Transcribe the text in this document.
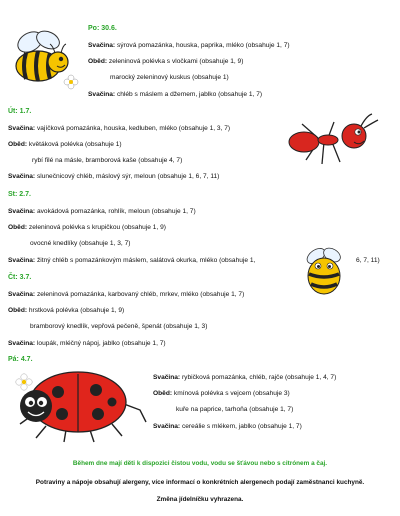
Po: 30.6.
Svačina: sýrová pomazánka, houska, paprika, mléko (obsahuje 1, 7)
Oběd: zeleninová polévka s vločkami (obsahuje 1, 9)
marocký zeleninový kuskus (obsahuje 1)
Svačina: chléb s máslem a džemem, jablko (obsahuje 1, 7)
Út: 1.7.
Svačina: vajíčková pomazánka, houska, kedluben, mléko (obsahuje 1, 3, 7)
Oběd: květáková polévka (obsahuje 1)
rybí filé na másle, bramborová kaše (obsahuje 4, 7)
Svačina: slunečnicový chléb, máslový sýr, meloun (obsahuje 1, 6, 7, 11)
St: 2.7.
Svačina: avokádová pomazánka, rohlík, meloun (obsahuje 1, 7)
Oběd: zeleninová polévka s krupičkou (obsahuje 1, 9)
ovocné knedlíky (obsahuje 1, 3, 7)
Svačina: žitný chléb s pomazánkovým máslem, salátová okurka, mléko (obsahuje 1,	6, 7, 11)
Čt: 3.7.
Svačina: zeleninová pomazánka, karbovaný chléb, mrkev, mléko (obsahuje 1, 7)
Oběd: hrstková polévka (obsahuje 1, 9)
bramborový knedlík, vepřová pečeně, špenát (obsahuje 1, 3)
Svačina: loupák, mléčný nápoj, jablko (obsahuje 1, 7)
Pá: 4.7.
Svačina: rybičková pomazánka, chléb, rajče (obsahuje 1, 4, 7)
Oběd: kmínová polévka s vejcem (obsahuje 3)
kuře na paprice, tarhoňa (obsahuje 1, 7)
Svačina: cereálie s mlékem, jablko (obsahuje 1, 7)
Během dne mají děti k dispozici čistou vodu, vodu se šťávou nebo s citrónem a čaj.
Potraviny a nápoje obsahují alergeny, více informací o konkrétních alergenech podají zaměstnanci kuchyně.
Změna jídelníčku vyhrazena.
